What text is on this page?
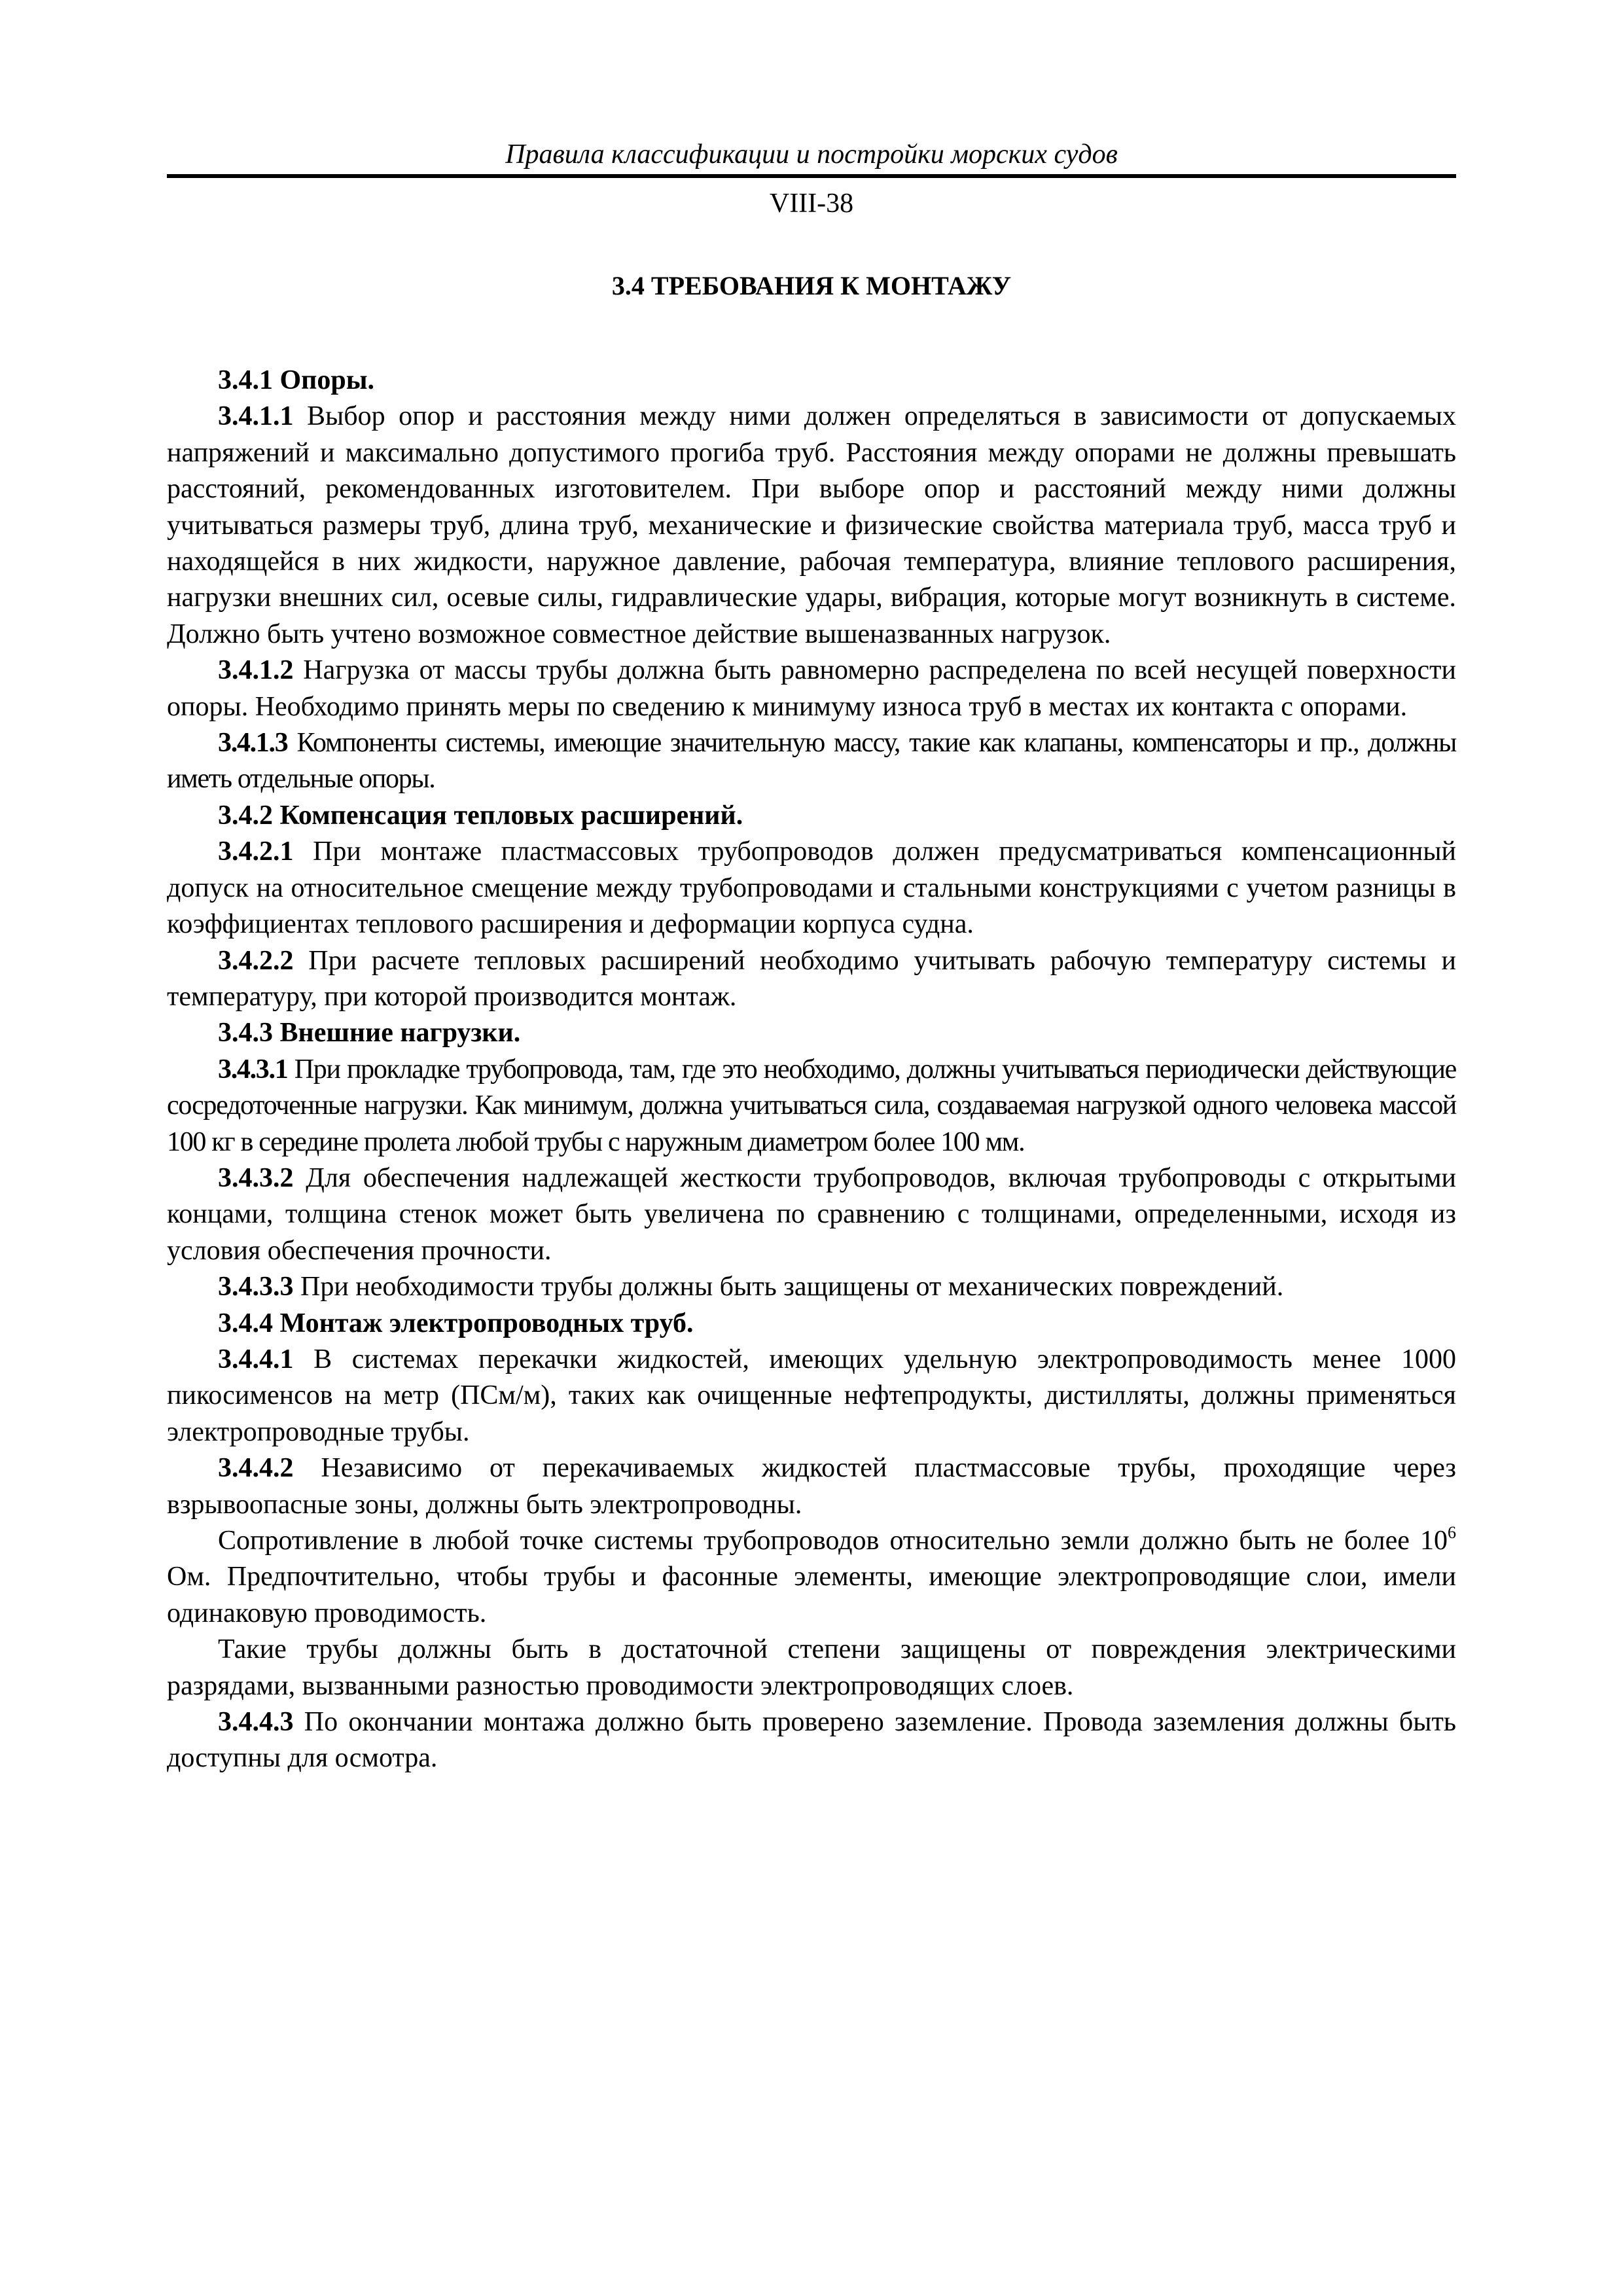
Правила классификации и постройки морских судов
VIII-38
3.4 ТРЕБОВАНИЯ К МОНТАЖУ

3.4.1 Опоры.

3.4.1.1 Выбор опор и расстояния между ними должен определяться в зависимости от допускаемых напряжений и максимально допустимого прогиба труб. Расстояния между опорами не должны превышать расстояний, рекомендованных изготовителем. При выборе опор и расстояний между ними должны учитываться размеры труб, длина труб, механические и физические свойства материала труб, масса труб и находящейся в них жидкости, наружное давление, рабочая температура, влияние теплового расширения, нагрузки внешних сил, осевые силы, гидравлические удары, вибрация, которые могут возникнуть в системе. Должно быть учтено возможное совместное действие вышеназванных нагрузок.

3.4.1.2 Нагрузка от массы трубы должна быть равномерно распределена по всей несущей поверхности опоры. Необходимо принять меры по сведению к минимуму износа труб в местах их контакта с опорами.

3.4.1.3 Компоненты системы, имеющие значительную массу, такие как клапаны, компенсаторы и пр., должны иметь отдельные опоры.

3.4.2 Компенсация тепловых расширений.

3.4.2.1 При монтаже пластмассовых трубопроводов должен предусматриваться компенсационный допуск на относительное смещение между трубопроводами и стальными конструкциями с учетом разницы в коэффициентах теплового расширения и деформации корпуса судна.

3.4.2.2 При расчете тепловых расширений необходимо учитывать рабочую температуру системы и температуру, при которой производится монтаж.

3.4.3 Внешние нагрузки.

3.4.3.1 При прокладке трубопровода, там, где это необходимо, должны учитываться периодически действующие сосредоточенные нагрузки. Как минимум, должна учитываться сила, создаваемая нагрузкой одного человека массой 100 кг в середине пролета любой трубы с наружным диаметром более 100 мм.

3.4.3.2 Для обеспечения надлежащей жесткости трубопроводов, включая трубопроводы с открытыми концами, толщина стенок может быть увеличена по сравнению с толщинами, определенными, исходя из условия обеспечения прочности.

3.4.3.3 При необходимости трубы должны быть защищены от механических повреждений.

3.4.4 Монтаж электропроводных труб.

3.4.4.1 В системах перекачки жидкостей, имеющих удельную электропроводимость менее 1000 пикосименсов на метр (ПСм/м), таких как очищенные нефтепродукты, дистилляты, должны применяться электропроводные трубы.

3.4.4.2 Независимо от перекачиваемых жидкостей пластмассовые трубы, проходящие через взрывоопасные зоны, должны быть электропроводны.

Сопротивление в любой точке системы трубопроводов относительно земли должно быть не более $10^6$ Ом. Предпочтительно, чтобы трубы и фасонные элементы, имеющие электропроводящие слои, имели одинаковую проводимость.

Такие трубы должны быть в достаточной степени защищены от повреждения электрическими разрядами, вызванными разностью проводимости электропроводящих слоев.

3.4.4.3 По окончании монтажа должно быть проверено заземление. Провода заземления должны быть доступны для осмотра.
